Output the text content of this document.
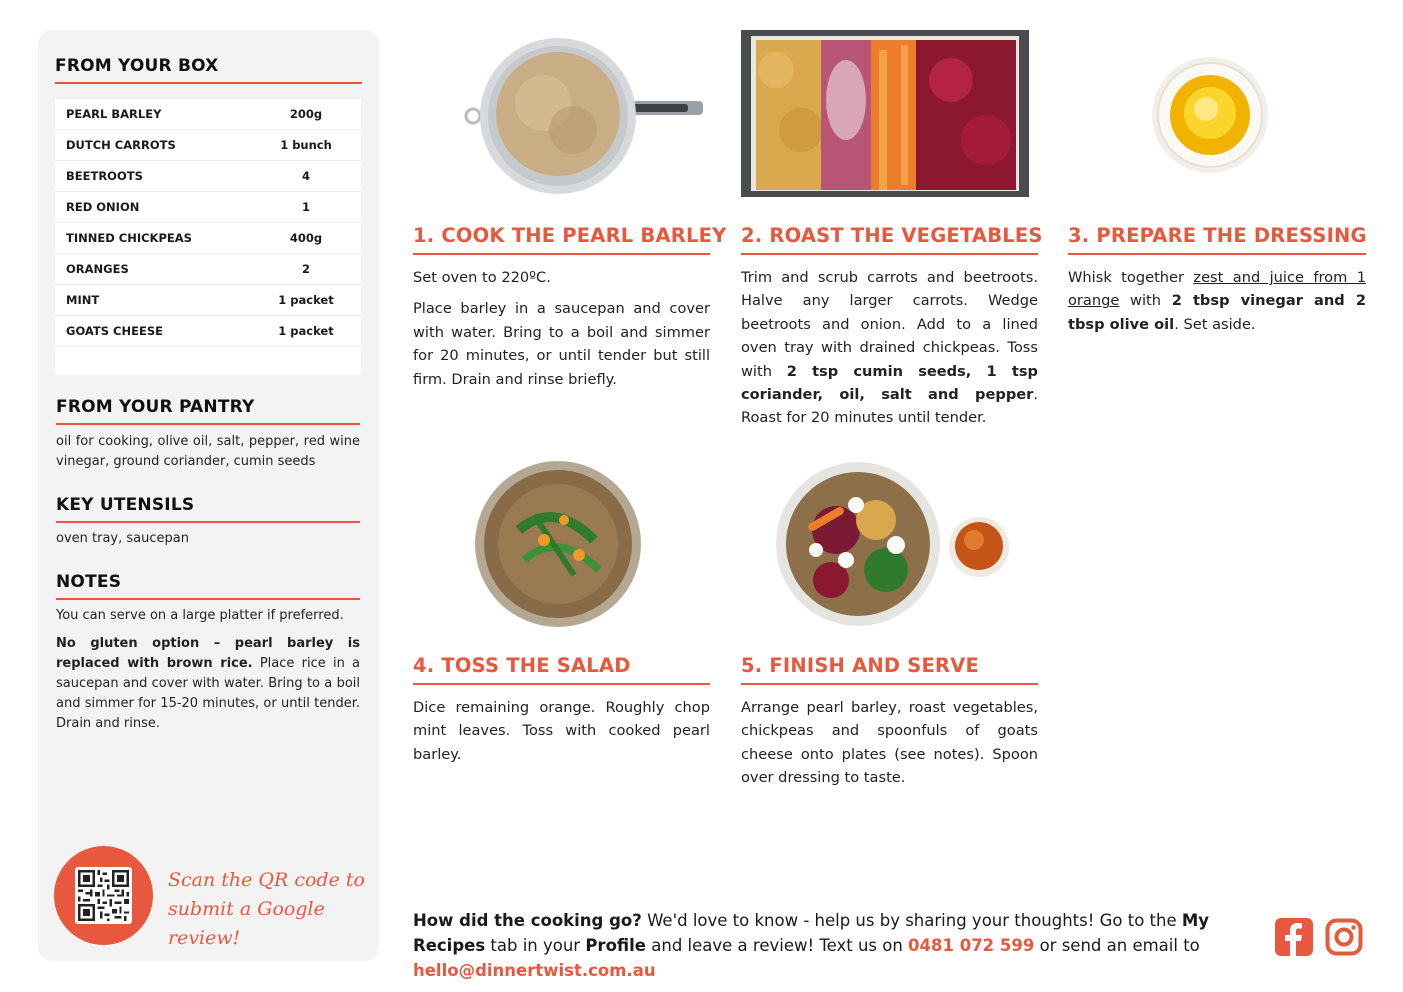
FROM YOUR BOX
PEARL BARLEY	200g
DUTCH CARROTS	1 bunch
BEETROOTS	4
RED ONION	1
TINNED CHICKPEAS	400g
ORANGES	2
MINT	1 packet
GOATS CHEESE	1 packet
FROM YOUR PANTRY
oil for cooking, olive oil, salt, pepper, red wine vinegar, ground coriander, cumin seeds
KEY UTENSILS
oven tray, saucepan
NOTES
You can serve on a large platter if preferred.
No gluten option – pearl barley is replaced with brown rice. Place rice in a saucepan and cover with water. Bring to a boil and simmer for 15-20 minutes, or until tender. Drain and rinse.
Scan the QR code to
submit a Google review!
1. COOK THE PEARL BARLEY

Set oven to 220ºC.

Place barley in a saucepan and cover with water. Bring to a boil and simmer for 20 minutes, or until tender but still firm. Drain and rinse briefly.

2. ROAST THE VEGETABLES
Trim and scrub carrots and beetroots. Halve any larger carrots. Wedge beetroots and onion. Add to a lined oven tray with drained chickpeas. Toss with 2 tsp cumin seeds, 1 tsp coriander, oil, salt and pepper. Roast for 20 minutes until tender.
3. PREPARE THE DRESSING
Whisk together zest and juice from 1 orange with 2 tbsp vinegar and 2 tbsp olive oil. Set aside.
4. TOSS THE SALAD
Dice remaining orange. Roughly chop mint leaves. Toss with cooked pearl barley.
5. FINISH AND SERVE
Arrange pearl barley, roast vegetables, chickpeas and spoonfuls of goats cheese onto plates (see notes). Spoon over dressing to taste.
How did the cooking go? We'd love to know - help us by sharing your thoughts! Go to the My Recipes tab in your Profile and leave a review! Text us on 0481 072 599 or send an email to hello@dinnertwist.com.au
